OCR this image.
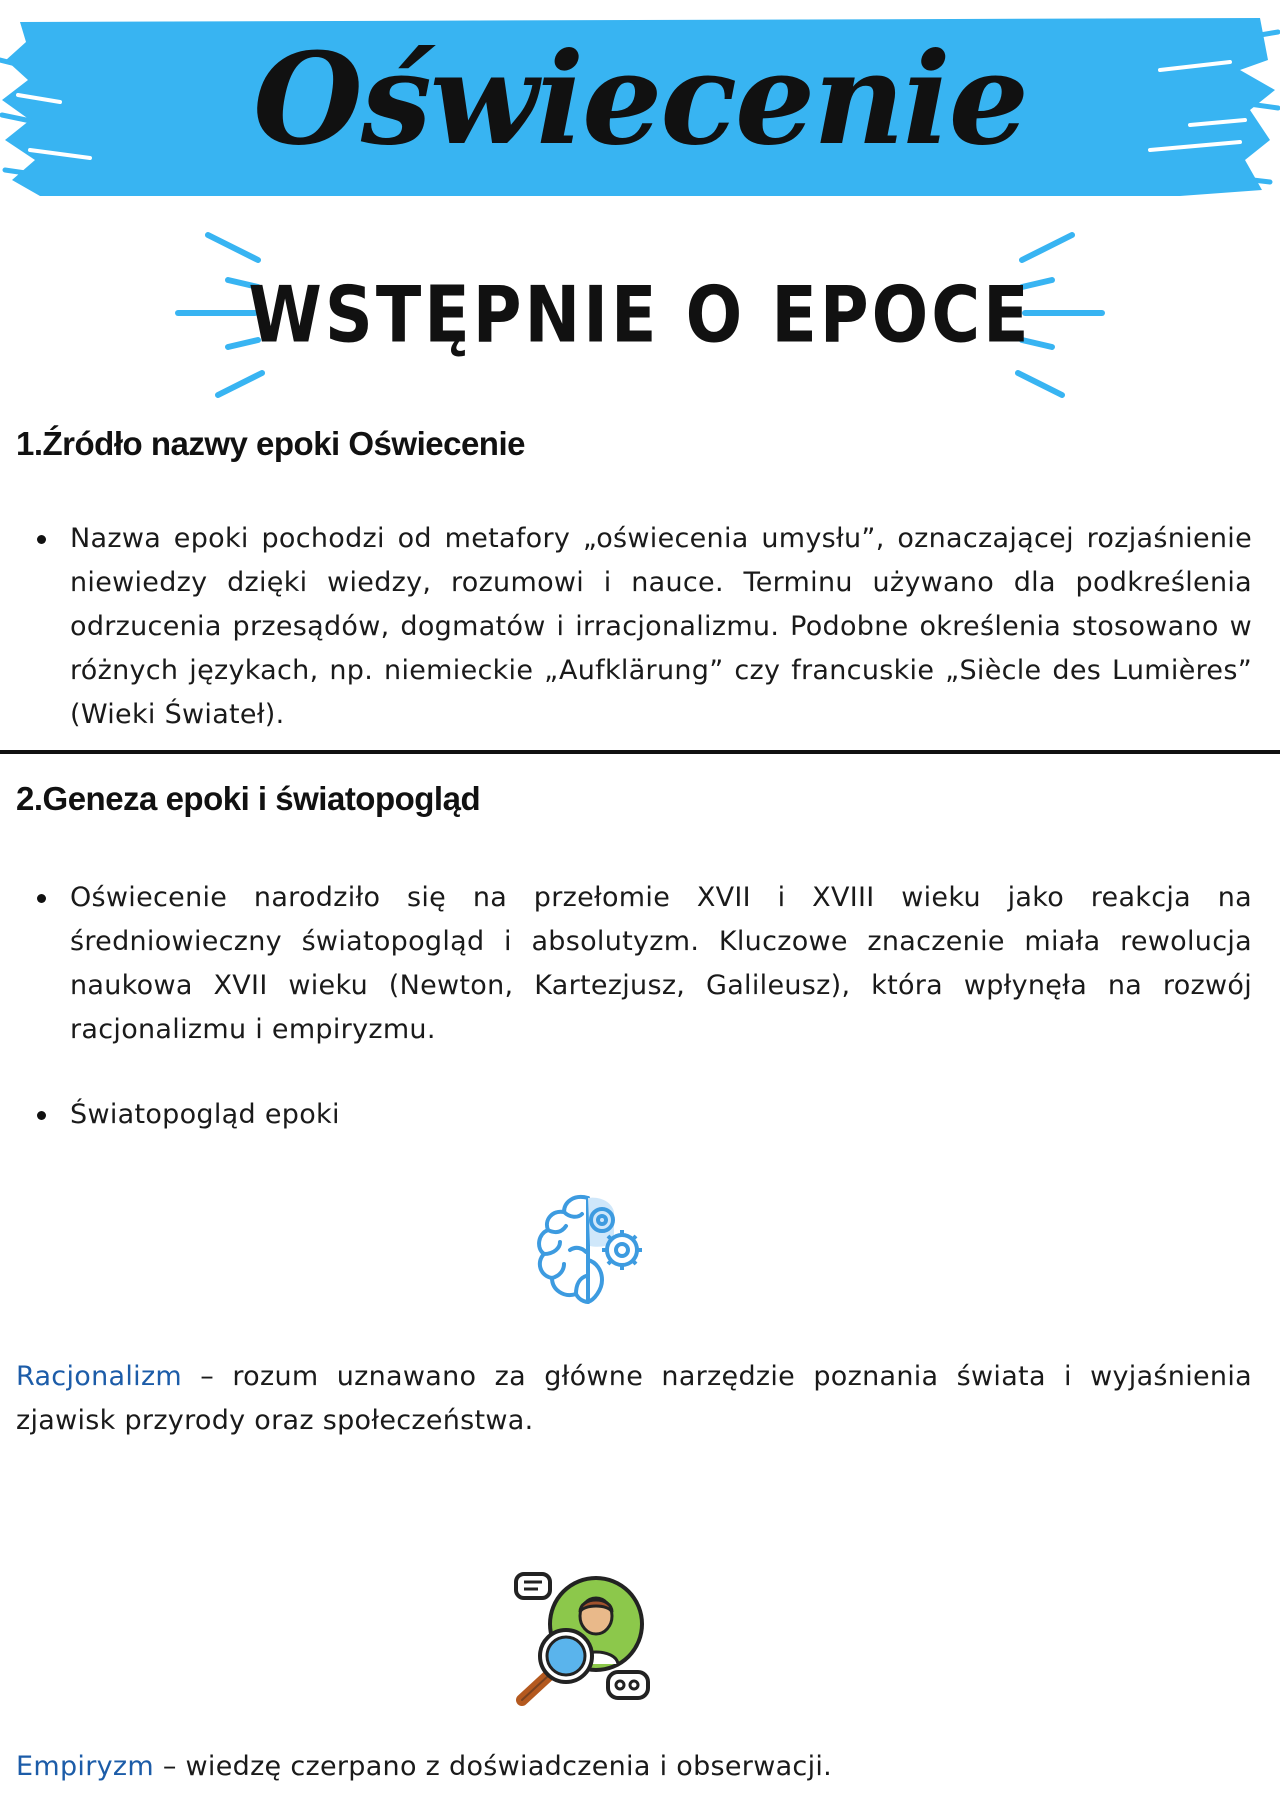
Oświecenie
WSTĘPNIE O EPOCE
1.Źródło nazwy epoki Oświecenie

Nazwa epoki pochodzi od metafory „oświecenia umysłu”, oznaczającej rozjaśnienie niewiedzy dzięki wiedzy, rozumowi i nauce. Terminu używano dla podkreślenia odrzucenia przesądów, dogmatów i irracjonalizmu. Podobne określenia stosowano w różnych językach, np. niemieckie „Aufklärung” czy francuskie „Siècle des Lumières” (Wieki Świateł).

2.Geneza epoki i światopogląd

Oświecenie narodziło się na przełomie XVII i XVIII wieku jako reakcja na średniowieczny światopogląd i absolutyzm. Kluczowe znaczenie miała rewolucja naukowa XVII wieku (Newton, Kartezjusz, Galileusz), która wpłynęła na rozwój racjonalizmu i empiryzmu.

Światopogląd epoki

Racjonalizm – rozum uznawano za główne narzędzie poznania świata i wyjaśnienia zjawisk przyrody oraz społeczeństwa.

Empiryzm – wiedzę czerpano z doświadczenia i obserwacji.
